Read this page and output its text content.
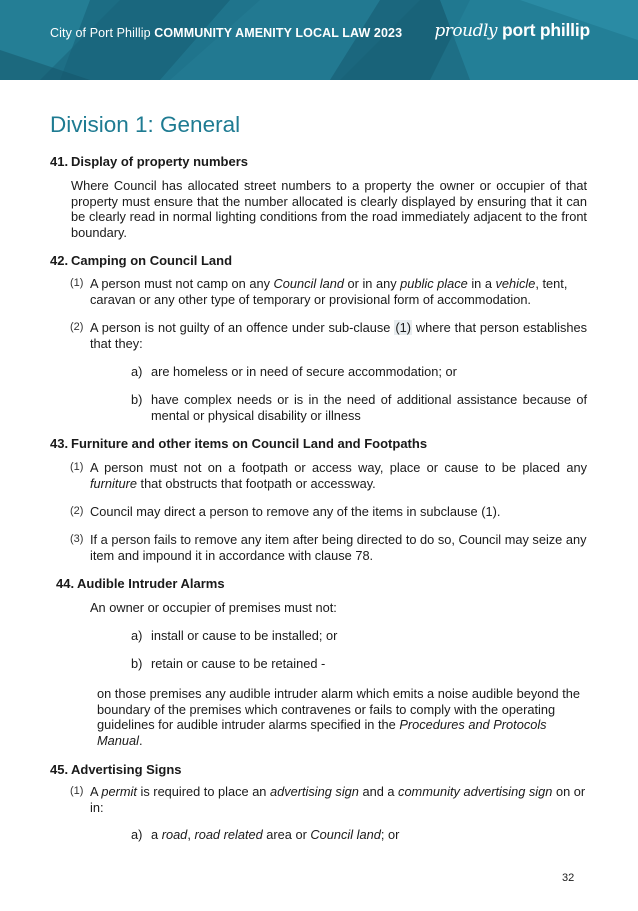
City of Port Phillip COMMUNITY AMENITY LOCAL LAW 2023 proudly port phillip
Division 1: General
41. Display of property numbers
Where Council has allocated street numbers to a property the owner or occupier of that property must ensure that the number allocated is clearly displayed by ensuring that it can be clearly read in normal lighting conditions from the road immediately adjacent to the front boundary.
42. Camping on Council Land
(1) A person must not camp on any Council land or in any public place in a vehicle, tent, caravan or any other type of temporary or provisional form of accommodation.
(2) A person is not guilty of an offence under sub-clause (1) where that person establishes that they:
a) are homeless or in need of secure accommodation; or
b) have complex needs or is in the need of additional assistance because of mental or physical disability or illness
43. Furniture and other items on Council Land and Footpaths
(1) A person must not on a footpath or access way, place or cause to be placed any furniture that obstructs that footpath or accessway.
(2) Council may direct a person to remove any of the items in subclause (1).
(3) If a person fails to remove any item after being directed to do so, Council may seize any item and impound it in accordance with clause 78.
44. Audible Intruder Alarms
An owner or occupier of premises must not:
a) install or cause to be installed; or
b) retain or cause to be retained -
on those premises any audible intruder alarm which emits a noise audible beyond the boundary of the premises which contravenes or fails to comply with the operating guidelines for audible intruder alarms specified in the Procedures and Protocols Manual.
45. Advertising Signs
(1) A permit is required to place an advertising sign and a community advertising sign on or in:
a) a road, road related area or Council land; or
32
